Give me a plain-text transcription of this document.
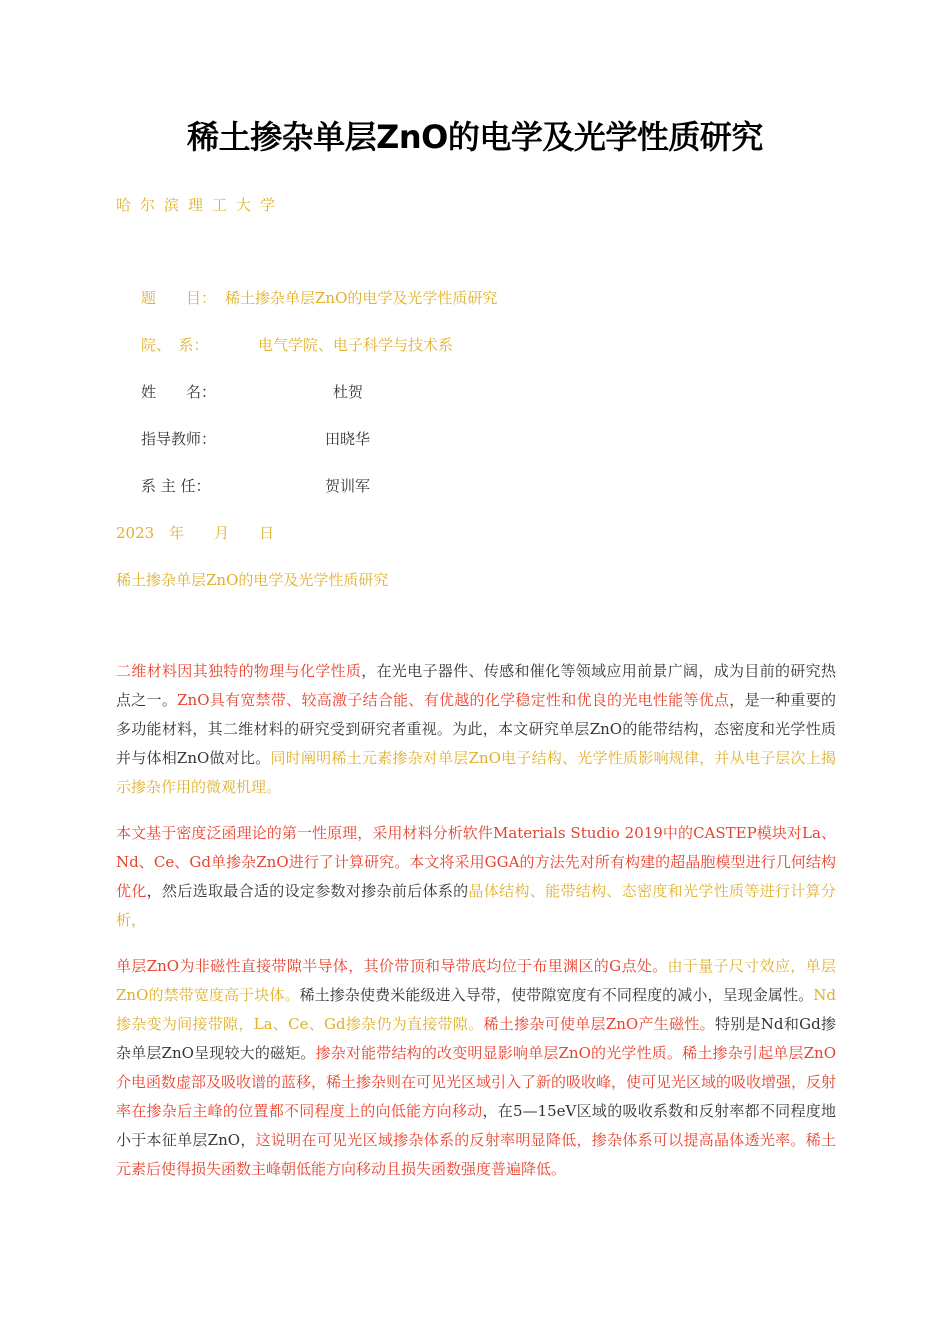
稀土掺杂单层ZnO的电学及光学性质研究
哈尔滨理工大学
题　　目： 稀土掺杂单层ZnO的电学及光学性质研究
院、　系：	电气学院、电子科学与技术系
姓　　名：	杜贺
指导教师：	田晓华
系 主 任：	贺训军
2023　年　　月　　日
稀土掺杂单层ZnO的电学及光学性质研究
二维材料因其独特的物理与化学性质，在光电子器件、传感和催化等领域应用前景广阔，成为目前的研究热点之一。ZnO具有宽禁带、较高激子结合能、有优越的化学稳定性和优良的光电性能等优点，是一种重要的多功能材料，其二维材料的研究受到研究者重视。为此，本文研究单层ZnO的能带结构，态密度和光学性质并与体相ZnO做对比。同时阐明稀土元素掺杂对单层ZnO电子结构、光学性质影响规律，并从电子层次上揭示掺杂作用的微观机理。
本文基于密度泛函理论的第一性原理，采用材料分析软件Materials Studio 2019中的CASTEP模块对La、Nd、Ce、Gd单掺杂ZnO进行了计算研究。本文将采用GGA的方法先对所有构建的超晶胞模型进行几何结构优化，然后选取最合适的设定参数对掺杂前后体系的晶体结构、能带结构、态密度和光学性质等进行计算分析，
单层ZnO为非磁性直接带隙半导体，其价带顶和导带底均位于布里渊区的G点处。由于量子尺寸效应，单层ZnO的禁带宽度高于块体。稀土掺杂使费米能级进入导带，使带隙宽度有不同程度的减小，呈现金属性。Nd掺杂变为间接带隙，La、Ce、Gd掺杂仍为直接带隙。稀土掺杂可使单层ZnO产生磁性。特别是Nd和Gd掺杂单层ZnO呈现较大的磁矩。掺杂对能带结构的改变明显影响单层ZnO的光学性质。稀土掺杂引起单层ZnO介电函数虚部及吸收谱的蓝移，稀土掺杂则在可见光区域引入了新的吸收峰，使可见光区域的吸收增强，反射率在掺杂后主峰的位置都不同程度上的向低能方向移动，在5—15eV区域的吸收系数和反射率都不同程度地小于本征单层ZnO，这说明在可见光区域掺杂体系的反射率明显降低，掺杂体系可以提高晶体透光率。稀土元素后使得损失函数主峰朝低能方向移动且损失函数强度普遍降低。
